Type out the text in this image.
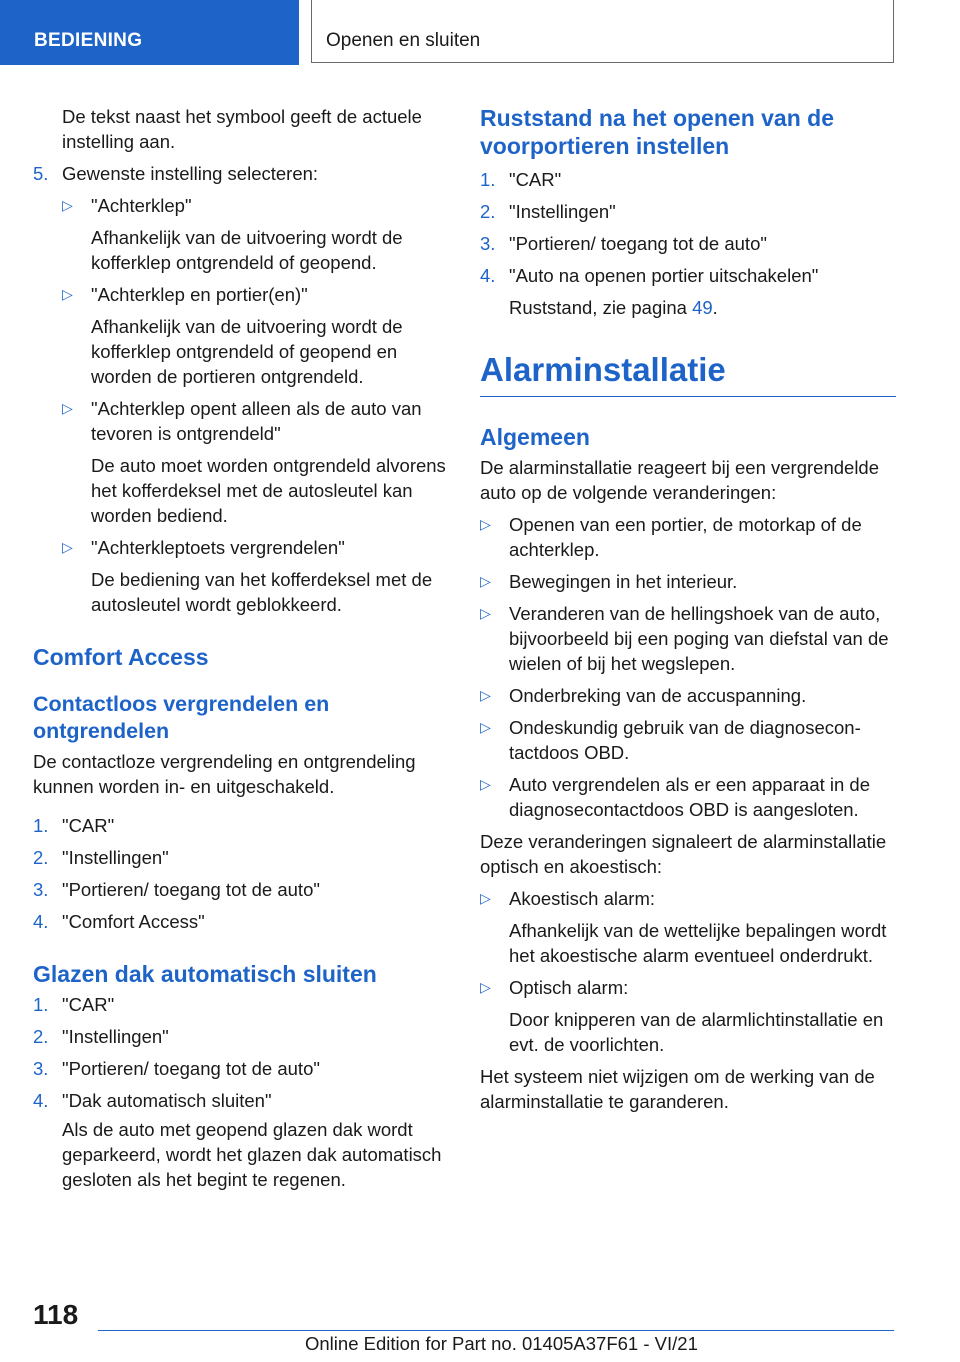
BEDIENING	Openen en sluiten

De tekst naast het symbool geeft de actuele instelling aan.

5. Gewenste instelling selecteren:
▷ "Achterklep"

Afhankelijk van de uitvoering wordt de kofferklep ontgrendeld of geopend.

▷ "Achterklep en portier(en)"

Afhankelijk van de uitvoering wordt de kofferklep ontgrendeld of geopend en worden de portieren ontgrendeld.

▷ "Achterklep opent alleen als de auto van tevoren is ontgrendeld"

De auto moet worden ontgrendeld alvorens het kofferdeksel met de autosleutel kan worden bediend.

▷ "Achterkleptoets vergrendelen"

De bediening van het kofferdeksel met de autosleutel wordt geblokkeerd.

Comfort Access
Contactloos vergrendelen en ontgrendelen

De contactloze vergrendeling en ontgrendeling kunnen worden in- en uitgeschakeld.

1. "CAR"
2. "Instellingen"
3. "Portieren/ toegang tot de auto"
4. "Comfort Access"
Glazen dak automatisch sluiten
1. "CAR"
2. "Instellingen"
3. "Portieren/ toegang tot de auto"
4. "Dak automatisch sluiten"

Als de auto met geopend glazen dak wordt geparkeerd, wordt het glazen dak automatisch gesloten als het begint te regenen.

Ruststand na het openen van de voorportieren instellen
1. "CAR"
2. "Instellingen"
3. "Portieren/ toegang tot de auto"
4. "Auto na openen portier uitschakelen"

Ruststand, zie pagina 49.

Alarminstallatie
Algemeen

De alarminstallatie reageert bij een vergrendelde auto op de volgende veranderingen:

▷ Openen van een portier, de motorkap of de achterklep.

▷ Bewegingen in het interieur.

▷ Veranderen van de hellingshoek van de auto, bijvoorbeeld bij een poging van diefstal van de wielen of bij het wegslepen.

▷ Onderbreking van de accuspanning.

▷ Ondeskundig gebruik van de diagnosecontactdoos OBD.

▷ Auto vergrendelen als er een apparaat in de diagnosecontactdoos OBD is aangesloten.

Deze veranderingen signaleert de alarminstallatie optisch en akoestisch:

▷ Akoestisch alarm:

Afhankelijk van de wettelijke bepalingen wordt het akoestische alarm eventueel onderdrukt.

▷ Optisch alarm:

Door knipperen van de alarmlichtinstallatie en evt. de voorlichten.

Het systeem niet wijzigen om de werking van de alarminstallatie te garanderen.

118
Online Edition for Part no. 01405A37F61 - VI/21
